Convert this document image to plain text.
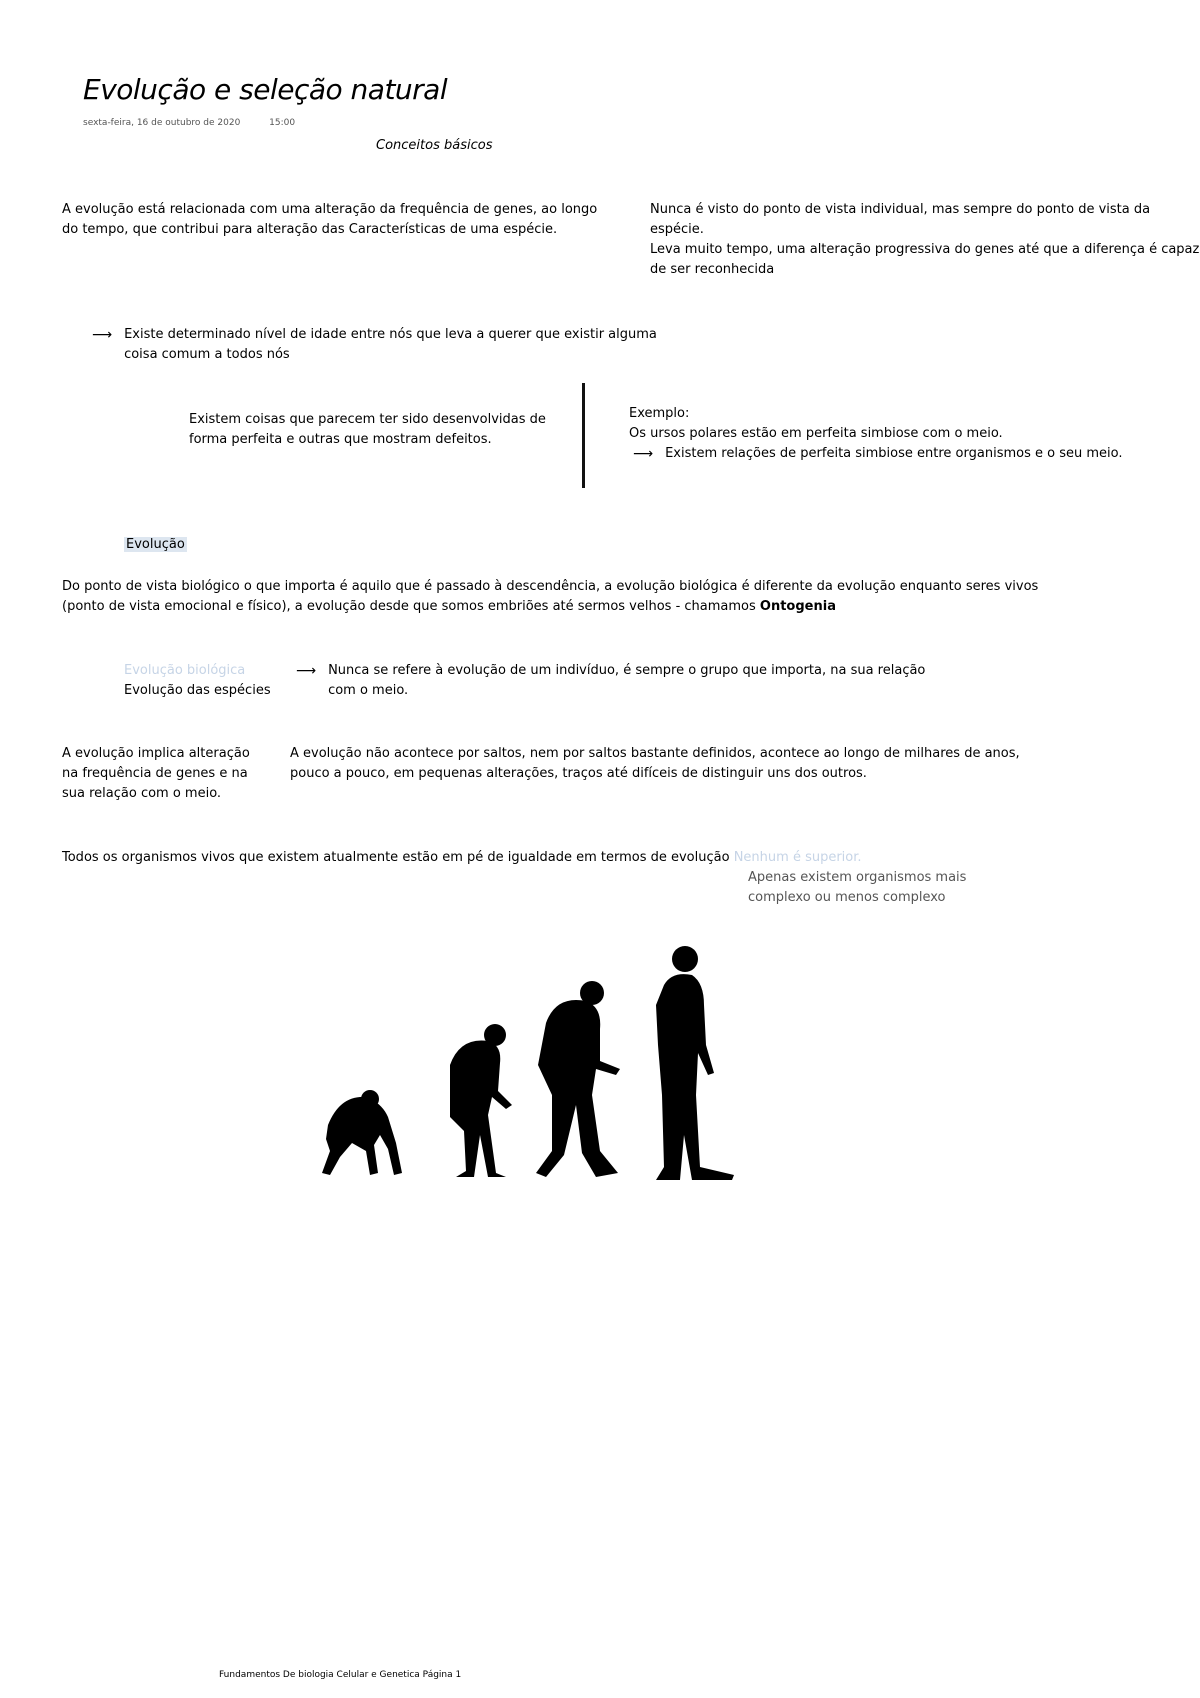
Evolução e seleção natural
sexta-feira, 16 de outubro de 2020	15:00
Conceitos básicos
A evolução está relacionada com uma alteração da frequência de genes, ao longo do tempo, que contribui para alteração das Características de uma espécie.
Nunca é visto do ponto de vista individual, mas sempre do ponto de vista da espécie.
Leva muito tempo, uma alteração progressiva do genes até que a diferença é capaz de ser reconhecida
⟶ Existe determinado nível de idade entre nós que leva a querer que existir alguma coisa comum a todos nós
Existem coisas que parecem ter sido desenvolvidas de forma perfeita e outras que mostram defeitos.
Exemplo:
Os ursos polares estão em perfeita simbiose com o meio.
⟶ Existem relações de perfeita simbiose entre organismos e o seu meio.
Evolução
Do ponto de vista biológico o que importa é aquilo que é passado à descendência, a evolução biológica é diferente da evolução enquanto seres vivos (ponto de vista emocional e físico), a evolução desde que somos embriões até sermos velhos - chamamos Ontogenia
Evolução biológica
Evolução das espécies
⟶ Nunca se refere à evolução de um indivíduo, é sempre o grupo que importa, na sua relação com o meio.
A evolução implica alteração na frequência de genes e na sua relação com o meio.
A evolução não acontece por saltos, nem por saltos bastante definidos, acontece ao longo de milhares de anos, pouco a pouco, em pequenas alterações, traços até difíceis de distinguir uns dos outros.
Todos os organismos vivos que existem atualmente estão em pé de igualdade em termos de evolução Nenhum é superior.
Apenas existem organismos mais complexo ou menos complexo
Fundamentos De biologia Celular e Genetica Página 1
